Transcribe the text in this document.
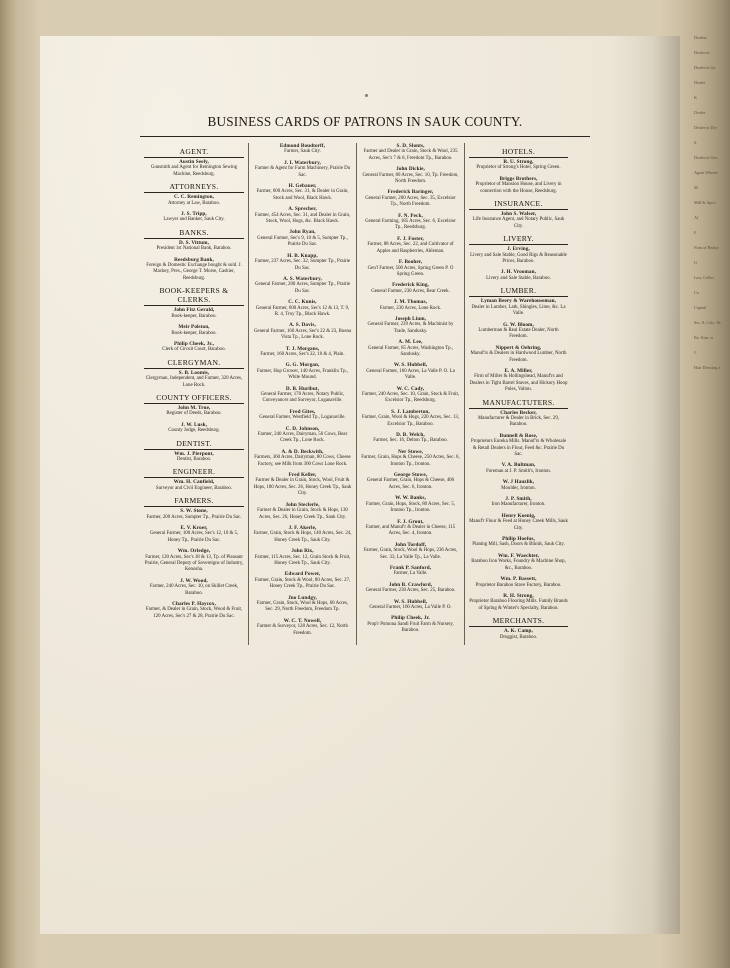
BUSINESS CARDS OF PATRONS IN SAUK COUNTY.
AGENT.
Austin Seely,
Gunsmith and Agent for Remington Sewing Machine, Reedsburg.
ATTORNEYS.
C. C. Remington,
Attorney at Law, Baraboo.
J. S. Tripp,
Lawyer and Banker, Sauk City.
BANKS.
D. S. Vittum,
President 1st National Bank, Baraboo.
Reedsburg Bank,
Foreign & Domestic Exchange bought & sold. J. Mackey, Pres., George T. Morse, Cashier, Reedsburg.
BOOK-KEEPERS & CLERKS.
John Fitz Gerald,
Book-keeper, Baraboo.
Meir Polston,
Book-keeper, Baraboo.
Philip Cheek, Jr.,
Clerk of Circuit Court, Baraboo.
CLERGYMAN.
S. B. Loomis,
Clergyman, Independent, and Farmer, 320 Acres, Lone Rock.
COUNTY OFFICERS.
John M. True,
Register of Deeds, Baraboo.
J. W. Lusk,
County Judge, Reedsburg.
DENTIST.
Wm. J. Pierpont,
Dentist, Baraboo.
ENGINEER.
Wm. H. Canfield,
Surveyor and Civil Engineer, Baraboo.
FARMERS.
S. W. Stone,
Farmer, 200 Acres, Sumpter Tp., Prairie Du Sac.
E. V. Kroer,
General Farmer, 100 Acres, Sec's 12, 10 & 5, Honey Tp., Prairie Du Sac.
Wm. Orledge,
Farmer, 120 Acres, Sec's 18 & 13, Tp. of Pleasant Prairie, General Deputy of Sovereigns of Industry, Kenosha.
J. W. Wood,
Farmer, 240 Acres, Sec. 10, on Skillet Creek, Baraboo.
Charles P. Haycox,
Farmer, & Dealer in Grain, Stock, Wood & Fruit, 120 Acres, Sec's 27 & 28, Prairie Du Sac.
Edmond Boudtorff,
Farmer, Sauk City.
J. I. Waterbury,
Farmer & Agent for Farm Machinery, Prairie Du Sac.
H. Gebauer,
Farmer, 600 Acres, Sec. 31, & Dealer in Grain, Stock and Wool, Black Hawk.
A. Sprecher,
Farmer, 454 Acres, Sec. 31, and Dealer in Grain, Stock, Wool, Hogs, &c. Black Hawk.
John Ryan,
General Farmer, Sec's 9, 10 & 5, Sumpter Tp., Prairie Du Sac.
H. B. Knapp,
Farmer, 237 Acres, Sec. 32, Sumpter Tp., Prairie Du Sac.
A. S. Waterbury,
General Farmer, 200 Acres, Sumpter Tp., Prairie Du Sac.
C. C. Kunis,
General Farmer, 600 Acres, Sec's 12 & 13, T. 9, R. 4, Troy Tp., Black Hawk.
A. S. Davis,
General Farmer, 160 Acres, Sec's 22 & 23, Buena Vista Tp., Lone Rock.
T. J. Morgans,
Farmer, 160 Acres, Sec's 22, 10 & 4, Plain.
G. G. Morgan,
Farmer, Hop Grower, 140 Acres, Franklin Tp., White Mound.
D. B. Huribut,
General Farmer, 170 Acres, Notary Public, Conveyancer and Surveyor, Loganaville.
Fred Gites,
General Farmer, Westfield Tp., Loganaville.
C. D. Johnson,
Farmer, 240 Acres, Dairyman, 56 Cows, Bear Creek Tp., Lone Rock.
A. & D. Beckwith,
Farmers, 360 Acres, Dairyman, 80 Cows, Cheese Factory, see Milk from 300 Cows Lone Rock.
Fred Keller,
Farmer & Dealer in Grain, Stock, Wool, Fruit & Hops, 180 Acres, Sec. 26, Honey Creek Tp., Sauk City.
John Steclerle,
Farmer & Dealer in Grain, Stock & Hops, 130 Acres, Sec. 26, Honey Creek Tp., Sauk City.
J. F. Akerle,
Farmer, Grain, Stock & Hops, 140 Acres, Sec. 24, Honey Creek Tp., Sauk City.
John Rix,
Farmer, 115 Acres, Sec. 12, Grain Stock & Fruit, Honey Creek Tp., Sauk City.
Edward Power,
Farmer, Grain, Stock & Wool, 80 Acres, Sec. 27, Honey Creek Tp., Prairie Du Sac.
Jno Lundgy,
Farmer, Grain, Stock, Wool & Hops, 60 Acres, Sec. 29, North Freedom, Freedom Tp.
W. C. T. Nowell,
Farmer & Surveyor, 128 Acres, Sec. 12, North Freedom.
S. D. Slonts,
Farmer and Dealer in Grain, Stock & Wool, 235 Acres, Sec's 7 & 8, Freedom Tp., Baraboo.
John Dickie,
General Farmer, 80 Acres, Sec. 10, Tp. Freedom, North Freedom.
Frederick Baringer,
General Farmer, 200 Acres, Sec. 35, Excelsior Tp., North Freedom.
F. N. Peck,
General Farming, 185 Acres, Sec. 6, Excelsior Tp., Reedsburg.
F. J. Foster,
Farmer, 88 Acres, Sec. 22, and Cultivator of Apples and Raspberries, Ableman.
F. Booher,
Gen'l Farmer, 500 Acres, Spring Green P. O Spring Green.
Frederick King,
General Farmer, 230 Acres, Bear Creek.
J. M. Thomas,
Farmer, 230 Acres, Lone Rock.
Joseph Lium,
General Farmer, 239 Acres, & Machinist by Trade, Sandusky.
A. M. Lee,
General Farmer, 85 Acres, Washington Tp., Sandusky.
W. S. Hubbell,
General Farmer, 160 Acres, La Valle P. O. La Valle.
W. C. Cady,
Farmer, 240 Acres, Sec. 10, Grain, Stock & Fruit, Excelsior Tp., Reedsburg.
S. J. Lamberton,
Farmer, Grain, Wool & Hogs, 220 Acres, Sec. 13, Excelsior Tp., Baraboo.
D. B. Welch,
Farmer, Sec. 16, Delton Tp., Baraboo.
Ner Stowe,
Farmer, Grain, Hops & Cheese, 250 Acres, Sec. 6, Ironton Tp., Ironton.
George Stowe,
General Farmer, Grain, Hops & Cheese, 406 Acres, Sec. 6, Ironton.
W. W. Banks,
Farmer, Grain, Hops, Stock, 80 Acres, Sec. 5, Ironton Tp., Ironton.
F. J. Grout,
Farmer, and Manuf'r & Dealer in Cheese, 115 Acres, Sec. 4, Ironton.
John Tordoff,
Farmer, Grain, Stock, Wool & Hops, 236 Acres, Sec. 33, La Valle Tp., La Valle.
Frank P. Sanford,
Farmer, La Valle.
John B. Crawford,
General Farmer, 230 Acres, Sec. 25, Baraboo.
W. S. Hubbell,
General Farmer, 160 Acres, La Valle P. O.
Philip Cheek, Jr.
Prop'r Pomona Sandi Fruit Farm & Nursery, Baraboo.
HOTELS.
R. U. Strong,
Proprietor of Strong's Hotel, Spring Green.
Briggs Brothers,
Proprietor of Mansion House, and Livery in connection with the House, Reedsburg.
INSURANCE.
John S. Walser,
Life Insurance Agent, and Notary Public, Sauk City.
LIVERY.
J. Erving,
Livery and Sale Stable, Good Rigs & Reasonable Prices, Baraboo.
J. H. Vrooman,
Livery and Sale Stable, Baraboo.
LUMBER.
Lyman Beery & Warehouseman,
Dealer in Lumber, Lath, Shingles, Lime, &c. La Valle.
G. W. Bloom,
Lumberman & Real Estate Dealer, North Freedom.
Nippert & Oehring,
Manuf'rs & Dealers in Hardwood Lumber, North Freedom.
E. A. Miller,
Firm of Miller & Hollingshead, Manuf'rs and Dealers in Tight Barrel Staves, and Hickory Hoop Poles, Valton.
MANUFACTUTERS.
Charles Becker,
Manufacturer & Dealer in Brick, Sec. 29, Baraboo.
Bunnell & Rose,
Proprietors Eureka Mills. Manuf'rs & Wholesale & Retail Dealers in Flour, Feed &c. Prairie Du Sac.
V. A. Bultman,
Foreman at J. P. Smith's, Ironton.
W. J Hauzlik,
Moulder, Ironton.
J. P. Smith,
Iron Manufacturer, Ironton.
Henry Koenig,
Manuf'r Flour & Feed at Honey Creek Mills, Sauk City.
Philip Hoefus,
Planing Mill, Sash, Doors & Blinds, Sauk City.
Wm. F. Waechter,
Baraboo Iron Works, Foundry & Machine Shop, &c., Baraboo.
Wm. P. Bassett,
Proprietor Baraboo Stave Factory, Baraboo.
R. H. Strong,
Proprietor Baraboo Flooring Mills. Family Brands of Spring & Winter's Specialty, Baraboo.
MERCHANTS.
A. K. Camp,
Druggist, Baraboo.
Dealers
Dealer in
Dealer in Ge
Dealer
K
Dealer
Dealer in Dry
S.
Dealer in Gen
Agent Wheele
M
Mill & Speci
Al
F
Firm of Beatty
G
Law, Collec
Co
Capital
Sec. 8, Cole. Dr.
Bo. Kan. st
J.
Hair Dressing a
